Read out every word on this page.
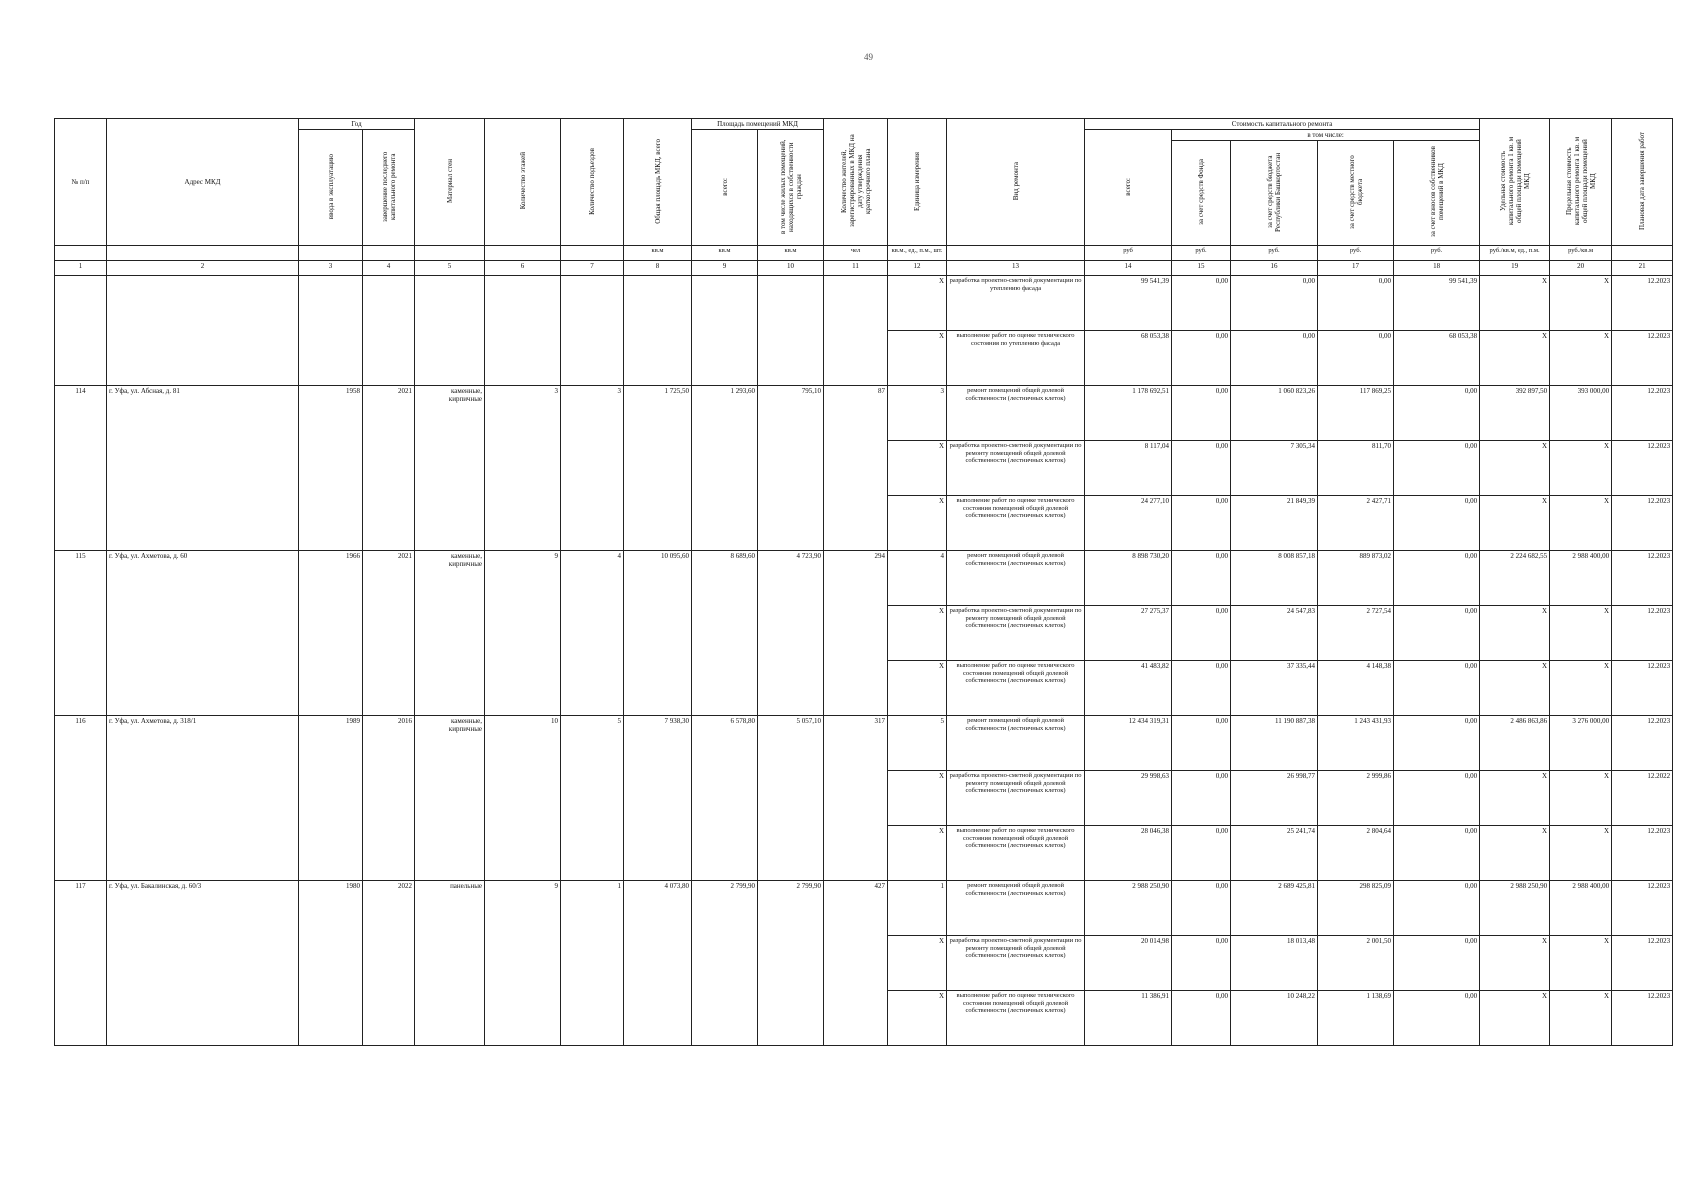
49
№ п/п	Адрес МКД	Год		Материал стен	Количество этажей	Количество подъездов	Общая площадь МКД, всего	Площадь помещений МКД		Количество жителей, зарегистрированных в МКД на дату утверждения краткосрочного плана	Единица измерения	Вид ремонта	Стоимость капитального ремонта					Удельная стоимость капитального ремонта 1 кв. м общей площади помещений МКД	Предельная стоимость капитального ремонта 1 кв. м общей площади помещений МКД	Плановая дата завершения работ
		ввода в эксплуатацию	завершение последнего капитального ремонта					всего:	в том числе жилых помещений, находящихся в собственности граждан				всего:	в том числе:						
														за счет средств Фонда	за счет средств бюджета Республики Башкортостан	за счет средств местного бюджета	за счет взносов собственников помещений в МКД			
							кв.м	кв.м	кв.м	чел	кв.м., ед., п.м., шт.		руб	руб.	руб.	руб.	руб.	руб./кв.м, ед., п.м.	руб./кв.м	
1	2	3	4	5	6	7	8	9	10	11	12	13	14	15	16	17	18	19	20	21
											X	разработка проектно-сметной документации по утеплению фасада	99 541,39	0,00	0,00	0,00	99 541,39	X	X	12.2023
											X	выполнение работ по оценке технического состояния по утеплению фасада	68 053,38	0,00	0,00	0,00	68 053,38	X	X	12.2023
114	г. Уфа, ул. Абсная, д. 81	1958	2021	каменные, кирпичные	3	3	1 725,50	1 293,60	795,10	87	3	ремонт помещений общей долевой собственности (лестничных клеток)	1 178 692,51	0,00	1 060 823,26	117 869,25	0,00	392 897,50	393 000,00	12.2023
											X	разработка проектно-сметной документации по ремонту помещений общей долевой собственности (лестничных клеток)	8 117,04	0,00	7 305,34	811,70	0,00	X	X	12.2023
											X	выполнение работ по оценке технического состояния помещений общей долевой собственности (лестничных клеток)	24 277,10	0,00	21 849,39	2 427,71	0,00	X	X	12.2023
115	г. Уфа, ул. Ахметова, д. 60	1966	2021	каменные, кирпичные	9	4	10 095,60	8 689,60	4 723,90	294	4	ремонт помещений общей долевой собственности (лестничных клеток)	8 898 730,20	0,00	8 008 857,18	889 873,02	0,00	2 224 682,55	2 988 400,00	12.2023
											X	разработка проектно-сметной документации по ремонту помещений общей долевой собственности (лестничных клеток)	27 275,37	0,00	24 547,83	2 727,54	0,00	X	X	12.2023
											X	выполнение работ по оценке технического состояния помещений общей долевой собственности (лестничных клеток)	41 483,82	0,00	37 335,44	4 148,38	0,00	X	X	12.2023
116	г. Уфа, ул. Ахметова, д. 318/1	1989	2016	каменные, кирпичные	10	5	7 938,30	6 578,80	5 057,10	317	5	ремонт помещений общей долевой собственности (лестничных клеток)	12 434 319,31	0,00	11 190 887,38	1 243 431,93	0,00	2 486 863,86	3 276 000,00	12.2023
											X	разработка проектно-сметной документации по ремонту помещений общей долевой собственности (лестничных клеток)	29 998,63	0,00	26 998,77	2 999,86	0,00	X	X	12.2022
											X	выполнение работ по оценке технического состояния помещений общей долевой собственности (лестничных клеток)	28 046,38	0,00	25 241,74	2 804,64	0,00	X	X	12.2023
117	г. Уфа, ул. Бакалинская, д. 60/3	1980	2022	панельные	9	1	4 073,80	2 799,90	2 799,90	427	1	ремонт помещений общей долевой собственности (лестничных клеток)	2 988 250,90	0,00	2 689 425,81	298 825,09	0,00	2 988 250,90	2 988 400,00	12.2023
											X	разработка проектно-сметной документации по ремонту помещений общей долевой собственности (лестничных клеток)	20 014,98	0,00	18 013,48	2 001,50	0,00	X	X	12.2023
											X	выполнение работ по оценке технического состояния помещений общей долевой собственности (лестничных клеток)	11 386,91	0,00	10 248,22	1 138,69	0,00	X	X	12.2023
